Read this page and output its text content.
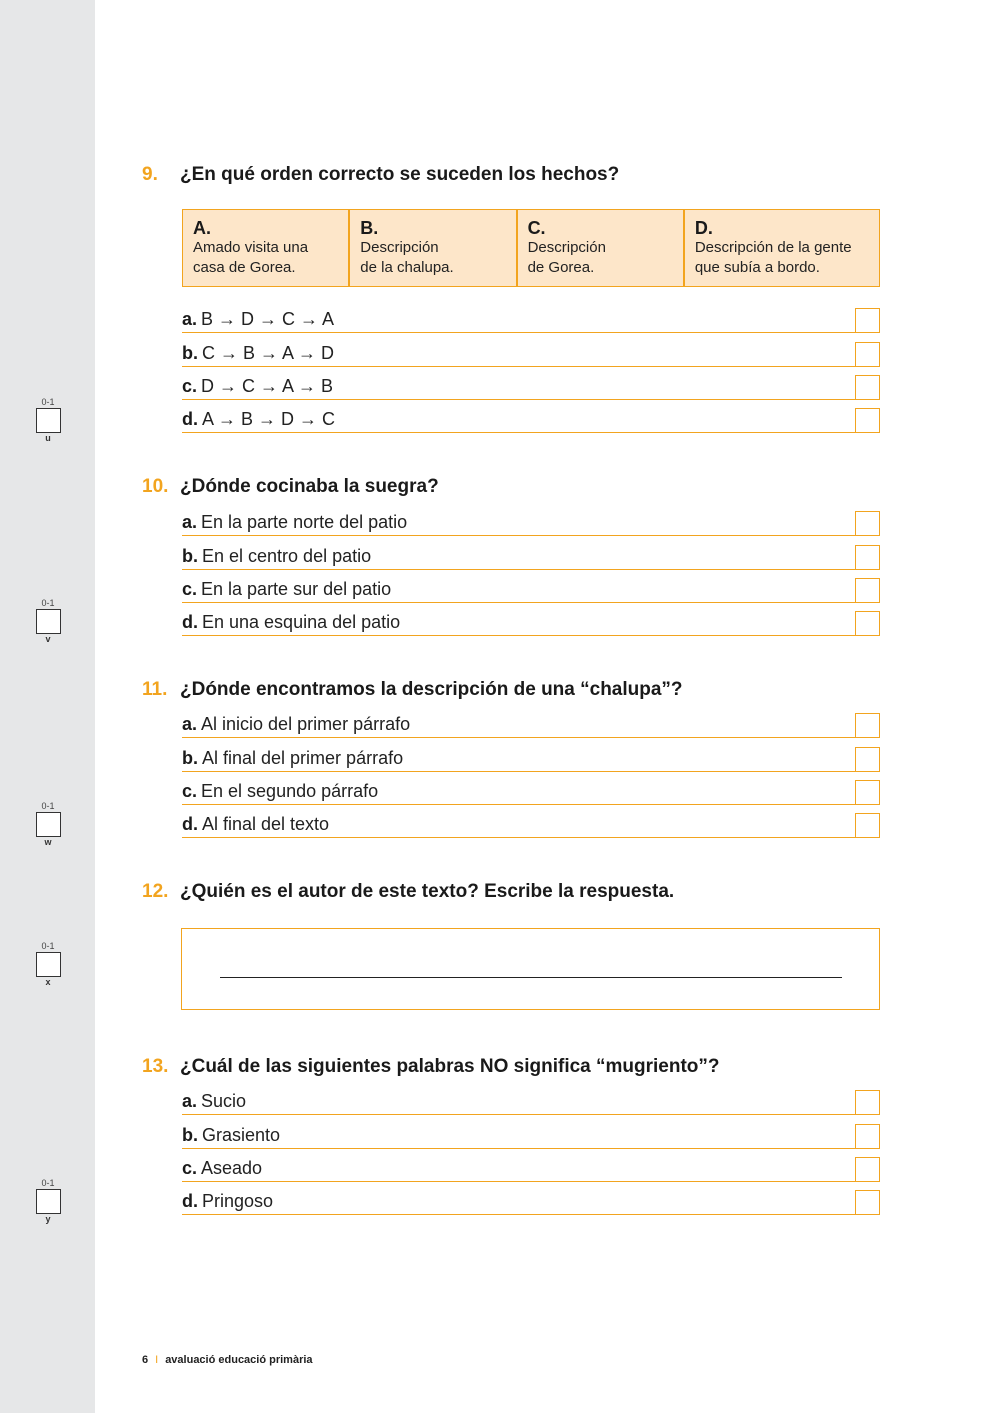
0-1
u
0-1
v
0-1
w
0-1
x
0-1
y
9. ¿En qué orden correcto se suceden los hechos?
A.
Amado visita una
casa de Gorea.
B.
Descripción
de la chalupa.
C.
Descripción
de Gorea.
D.
Descripción de la gente
que subía a bordo.
a. B → D → C → A
b. C → B → A → D
c. D → C → A → B
d. A → B → D → C
10. ¿Dónde cocinaba la suegra?
a. En la parte norte del patio
b. En el centro del patio
c. En la parte sur del patio
d. En una esquina del patio
11. ¿Dónde encontramos la descripción de una “chalupa”?
a. Al inicio del primer párrafo
b. Al final del primer párrafo
c. En el segundo párrafo
d. Al final del texto
12. ¿Quién es el autor de este texto? Escribe la respuesta.
13. ¿Cuál de las siguientes palabras NO significa “mugriento”?
a. Sucio
b. Grasiento
c. Aseado
d. Pringoso
6 I avaluació educació primària
